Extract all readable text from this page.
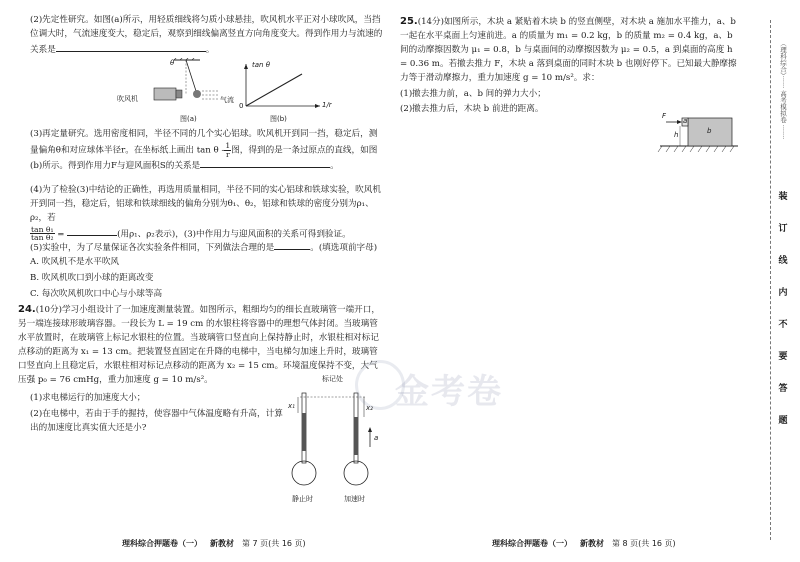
(2)先定性研究。如图(a)所示，用轻质细线将匀质小球悬挂，吹风机水平正对小球吹风，当挡位调大时，气流速度变大，稳定后，观察到细线偏离竖直方向角度变大。得到作用力与流速的关系是	。

θ
吹风机	气流
图(a)
tan θ
1/r
0
图(b)

(3)再定量研究。选用密度相同，半径不同的几个实心铝球。吹风机开到同一挡，稳定后，测量偏角θ和对应球体半径r。在坐标纸上画出 tan θ - $\frac{1}{r}$ 图，得到的是一条过原点的直线，如图(b)所示。得到作用力F与迎风面积S的关系是	。

(4)为了检验(3)中结论的正确性，再选用质量相同，半径不同的实心铝球和铁球实验，吹风机开到同一挡，稳定后，铝球和铁球细线的偏角分别为θ₁、θ₂，铝球和铁球的密度分别为ρ₁、ρ₂，若

$\frac{\text{tan θ₁}}{\text{tan θ₂}}$ =	(用ρ₁、ρ₂表示)，(3)中作用力与迎风面积的关系可得到验证。

(5)实验中，为了尽量保证各次实验条件相同，下列做法合理的是	。(填选项前字母)

A. 吹风机不是水平吹风

B. 吹风机吹口到小球的距离改变

C. 每次吹风机吹口中心与小球等高

24.(10分)学习小组设计了一加速度测量装置。如图所示，粗细均匀的细长直玻璃管一端开口，另一端连接球形玻璃容器。一段长为 L = 19 cm 的水银柱将容器中的理想气体封闭。当玻璃管水平放置时，在玻璃管上标记水银柱的位置。当玻璃管口竖直向上保持静止时，水银柱相对标记点移动的距离为 x₁ = 13 cm。把装置竖直固定在升降的电梯中，当电梯匀加速上升时，玻璃管口竖直向上且稳定后，水银柱相对标记点移动的距离为 x₂ = 15 cm。环境温度保持不变，大气压强 p₀ = 76 cmHg，重力加速度 g = 10 m/s²。

(1)求电梯运行的加速度大小；

(2)在电梯中，若由于手的握持，使容器中气体温度略有升高，计算出的加速度比真实值大还是小?

标记处
x₁	x₂
a
静止时	加速时
理科综合押题卷（一） 新教材 第 7 页(共 16 页)

25.(14分)如图所示，木块 a 紧贴着木块 b 的竖直侧壁，对木块 a 施加水平推力，a、b 一起在水平桌面上匀速前进。a 的质量为 m₁ = 0.2 kg，b 的质量 m₂ = 0.4 kg，a、b 间的动摩擦因数为 μ₁ = 0.8，b 与桌面间的动摩擦因数为 μ₂ = 0.5，a 到桌面的高度 h = 0.36 m。若撤去推力 F，木块 a 落到桌面的同时木块 b 也刚好停下。已知最大静摩擦力等于滑动摩擦力，重力加速度 g = 10 m/s²。求：

(1)撤去推力前，a、b 间的弹力大小；

(2)撤去推力后，木块 b 前进的距离。

F
a
b
h
理科综合押题卷（一） 新教材 第 8 页(共 16 页)
（理科综合）······ 高考模拟卷 ·······
装
订
线
内
不
要
答
题
金考卷
